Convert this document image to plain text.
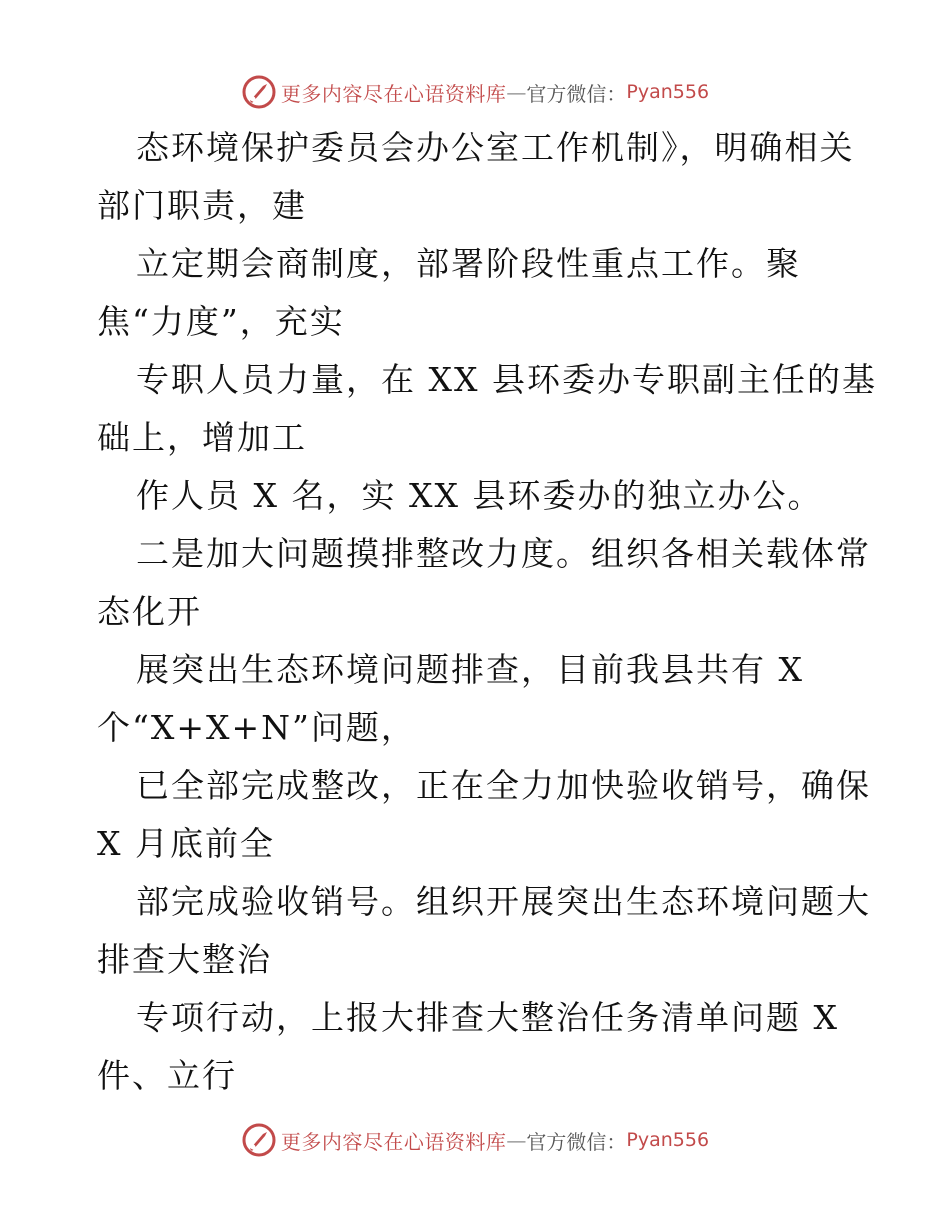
更多内容尽在心语资料库 — 官方微信： Pyan556
态环境保护委员会办公室工作机制》，明确相关
部门职责，建
立定期会商制度，部署阶段性重点工作。聚
焦“力度”，充实
专职人员力量，在 XX 县环委办专职副主任的基
础上，增加工
作人员 X 名，实 XX 县环委办的独立办公。
二是加大问题摸排整改力度。组织各相关载体常
态化开
展突出生态环境问题排查，目前我县共有 X
个“X+X+N”问题，
已全部完成整改，正在全力加快验收销号，确保
X 月底前全
部完成验收销号。组织开展突出生态环境问题大
排查大整治
专项行动，上报大排查大整治任务清单问题 X
件、立行
更多内容尽在心语资料库 — 官方微信： Pyan556
